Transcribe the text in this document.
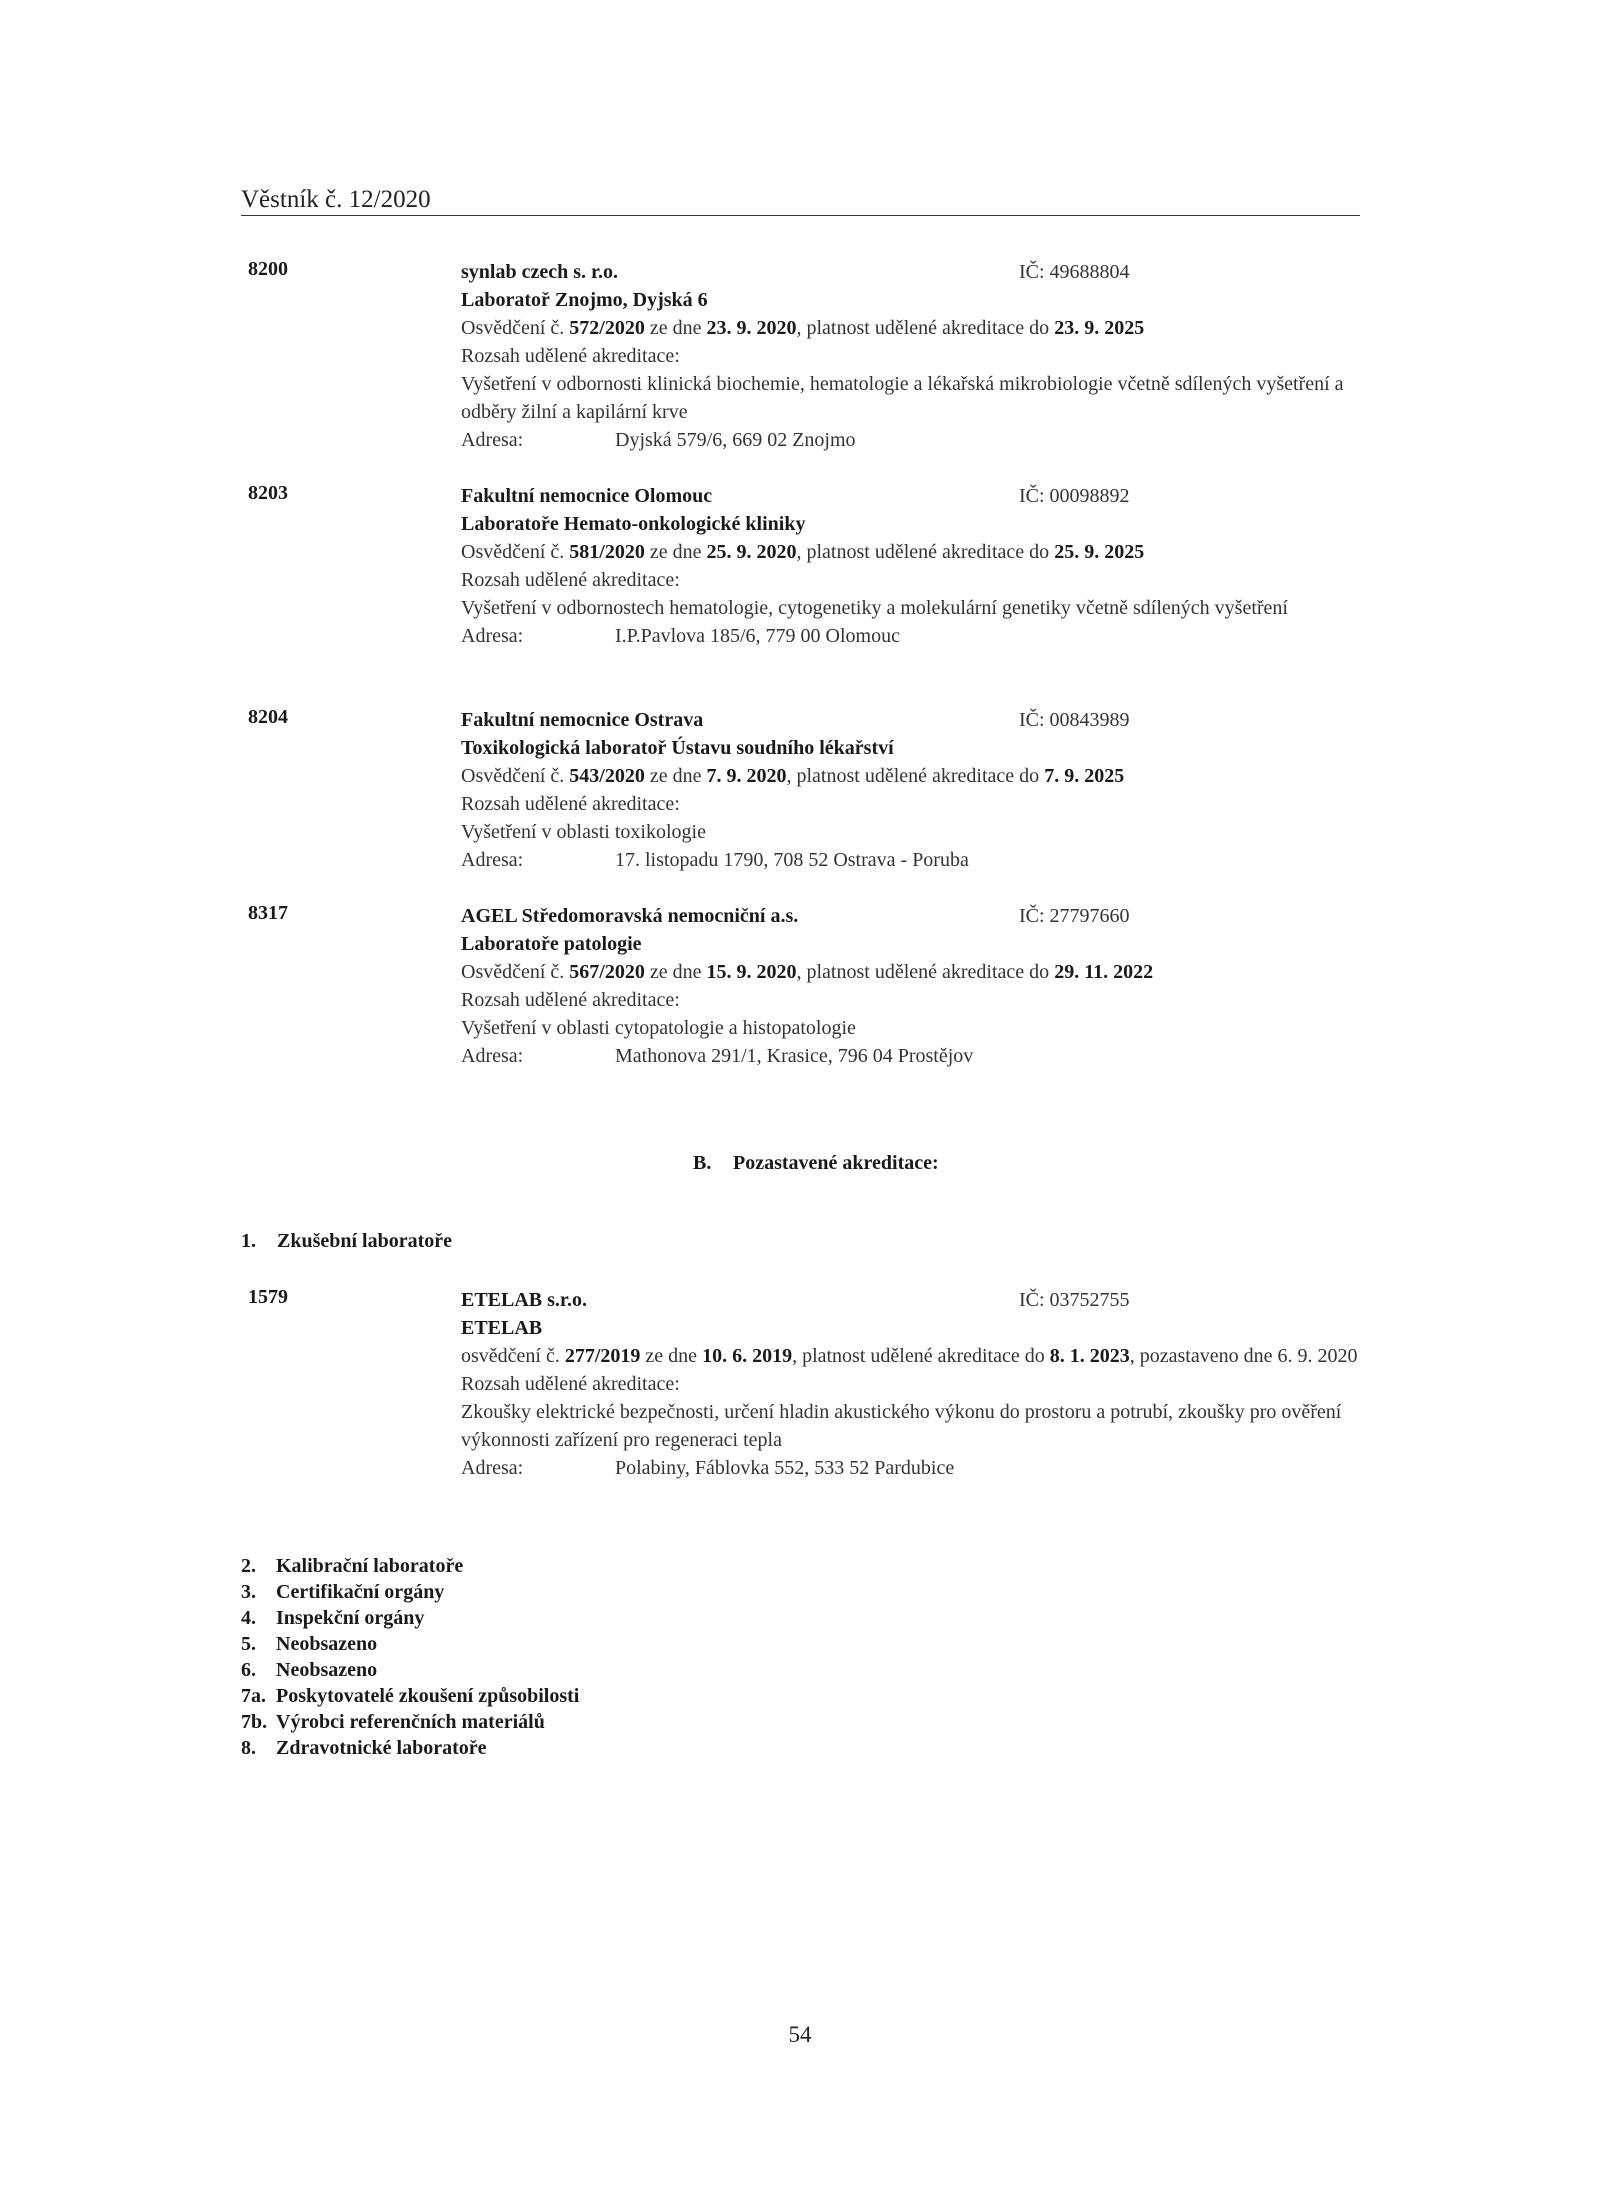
Věstník č. 12/2020
8200	synlab czech s. r.o.	IČ: 49688804
Laboratoř Znojmo, Dyjská 6
Osvědčení č. 572/2020 ze dne 23. 9. 2020, platnost udělené akreditace do 23. 9. 2025
Rozsah udělené akreditace:
Vyšetření v odbornosti klinická biochemie, hematologie a lékařská mikrobiologie včetně sdílených vyšetření a odběry žilní a kapilární krve
Adresa:	Dyjská 579/6, 669 02 Znojmo
8203	Fakultní nemocnice Olomouc	IČ: 00098892
Laboratoře Hemato-onkologické kliniky
Osvědčení č. 581/2020 ze dne 25. 9. 2020, platnost udělené akreditace do 25. 9. 2025
Rozsah udělené akreditace:
Vyšetření v odbornostech hematologie, cytogenetiky a molekulární genetiky včetně sdílených vyšetření
Adresa:	I.P.Pavlova 185/6, 779 00 Olomouc
8204	Fakultní nemocnice Ostrava	IČ: 00843989
Toxikologická laboratoř Ústavu soudního lékařství
Osvědčení č. 543/2020 ze dne 7. 9. 2020, platnost udělené akreditace do 7. 9. 2025
Rozsah udělené akreditace:
Vyšetření v oblasti toxikologie
Adresa:	17. listopadu 1790, 708 52 Ostrava - Poruba
8317	AGEL Středomoravská nemocniční a.s.	IČ: 27797660
Laboratoře patologie
Osvědčení č. 567/2020 ze dne 15. 9. 2020, platnost udělené akreditace do 29. 11. 2022
Rozsah udělené akreditace:
Vyšetření v oblasti cytopatologie a histopatologie
Adresa:	Mathonova 291/1, Krasice, 796 04 Prostějov
B. Pozastavené akreditace:
1. Zkušební laboratoře
1579	ETELAB s.r.o.	IČ: 03752755
ETELAB
osvědčení č. 277/2019 ze dne 10. 6. 2019, platnost udělené akreditace do 8. 1. 2023, pozastaveno dne 6. 9. 2020
Rozsah udělené akreditace:
Zkoušky elektrické bezpečnosti, určení hladin akustického výkonu do prostoru a potrubí, zkoušky pro ověření výkonnosti zařízení pro regeneraci tepla
Adresa:	Polabiny, Fáblovka 552, 533 52 Pardubice
2. Kalibrační laboratoře
3. Certifikační orgány
4. Inspekční orgány
5. Neobsazeno
6. Neobsazeno
7a. Poskytovatelé zkoušení způsobilosti
7b. Výrobci referenčních materiálů
8. Zdravotnické laboratoře
54
